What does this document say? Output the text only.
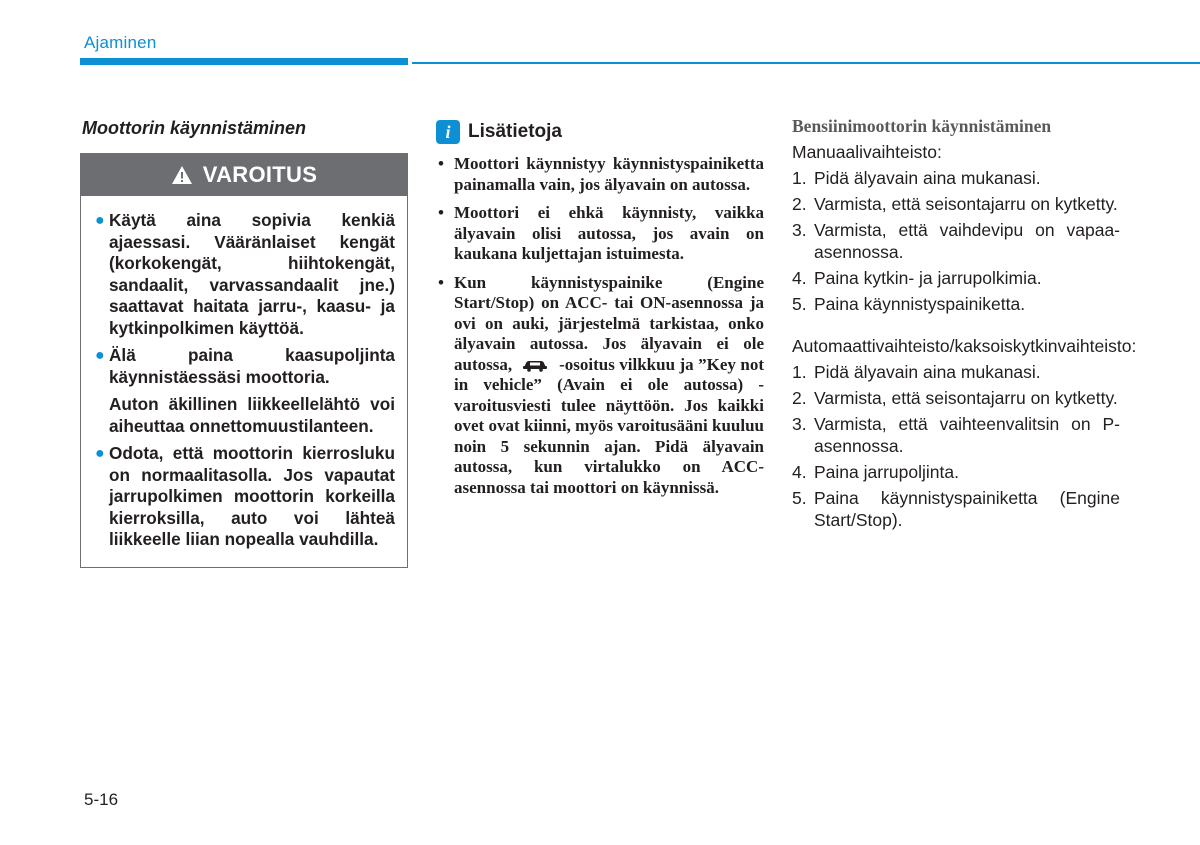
Ajaminen
Moottorin käynnistäminen
VAROITUS
● Käytä aina sopivia kenkiä ajaessasi. Vääränlaiset kengät (korkokengät, hiihtokengät, sandaalit, varvassandaalit jne.) saattavat haitata jarru-, kaasu- ja kytkinpolkimen käyttöä.
● Älä paina kaasupoljinta käynnistäessäsi moottoria.
Auton äkillinen liikkeellelähtö voi aiheuttaa onnettomuustilanteen.
● Odota, että moottorin kierrosluku on normaalitasolla. Jos vapautat jarrupolkimen moottorin korkeilla kierroksilla, auto voi lähteä liikkeelle liian nopealla vauhdilla.
i Lisätietoja
• Moottori käynnistyy käynnistyspainiketta painamalla vain, jos älyavain on autossa.
• Moottori ei ehkä käynnisty, vaikka älyavain olisi autossa, jos avain on kaukana kuljettajan istuimesta.
• Kun käynnistyspainike (Engine Start/Stop) on ACC- tai ON-asennossa ja ovi on auki, järjestelmä tarkistaa, onko älyavain autossa. Jos älyavain ei ole autossa,	-osoitus vilkkuu ja ”Key not in vehicle” (Avain ei ole autossa) -varoitusviesti tulee näyttöön. Jos kaikki ovet ovat kiinni, myös varoitusääni kuuluu noin 5 sekunnin ajan. Pidä älyavain autossa, kun virtalukko on ACC-asennossa tai moottori on käynnissä.
Bensiinimoottorin käynnistäminen
Manuaalivaihteisto:
1. Pidä älyavain aina mukanasi.
2. Varmista, että seisontajarru on kytketty.
3. Varmista, että vaihdevipu on vapaa-asennossa.
4. Paina kytkin- ja jarrupolkimia.
5. Paina käynnistyspainiketta.
Automaattivaihteisto/kaksoiskytkinvaihteisto:
1. Pidä älyavain aina mukanasi.
2. Varmista, että seisontajarru on kytketty.
3. Varmista, että vaihteenvalitsin on P-asennossa.
4. Paina jarrupoljinta.
5. Paina käynnistyspainiketta (Engine Start/Stop).
5-16
